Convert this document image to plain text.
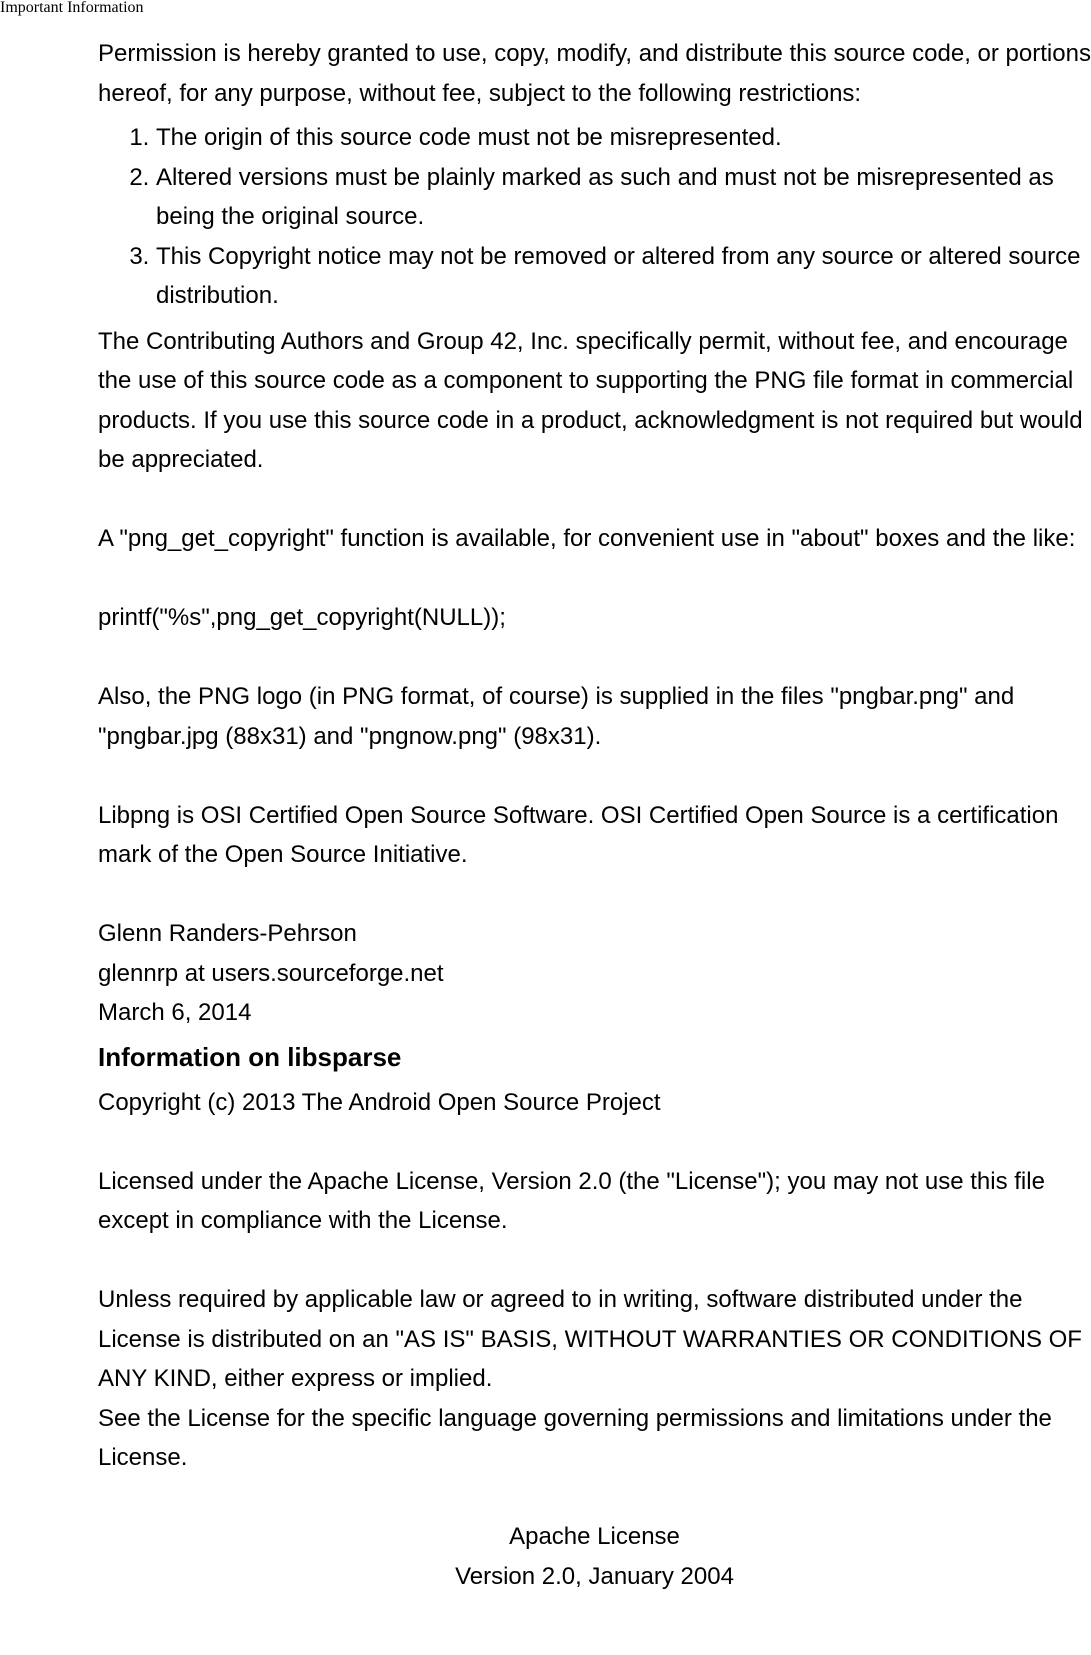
Important Information

Permission is hereby granted to use, copy, modify, and distribute this source code, or portions hereof, for any purpose, without fee, subject to the following restrictions:

1. The origin of this source code must not be misrepresented.
2. Altered versions must be plainly marked as such and must not be misrepresented as being the original source.
3. This Copyright notice may not be removed or altered from any source or altered source distribution.

The Contributing Authors and Group 42, Inc. specifically permit, without fee, and encourage the use of this source code as a component to supporting the PNG file format in commercial products. If you use this source code in a product, acknowledgment is not required but would be appreciated.

A "png_get_copyright" function is available, for convenient use in "about" boxes and the like:

printf("%s",png_get_copyright(NULL));

Also, the PNG logo (in PNG format, of course) is supplied in the files "pngbar.png" and "pngbar.jpg (88x31) and "pngnow.png" (98x31).

Libpng is OSI Certified Open Source Software. OSI Certified Open Source is a certification mark of the Open Source Initiative.

Glenn Randers-Pehrson

glennrp at users.sourceforge.net

March 6, 2014

Information on libsparse

Copyright (c) 2013 The Android Open Source Project

Licensed under the Apache License, Version 2.0 (the "License"); you may not use this file except in compliance with the License.

Unless required by applicable law or agreed to in writing, software distributed under the License is distributed on an "AS IS" BASIS, WITHOUT WARRANTIES OR CONDITIONS OF ANY KIND, either express or implied.

See the License for the specific language governing permissions and limitations under the License.

Apache License

Version 2.0, January 2004
